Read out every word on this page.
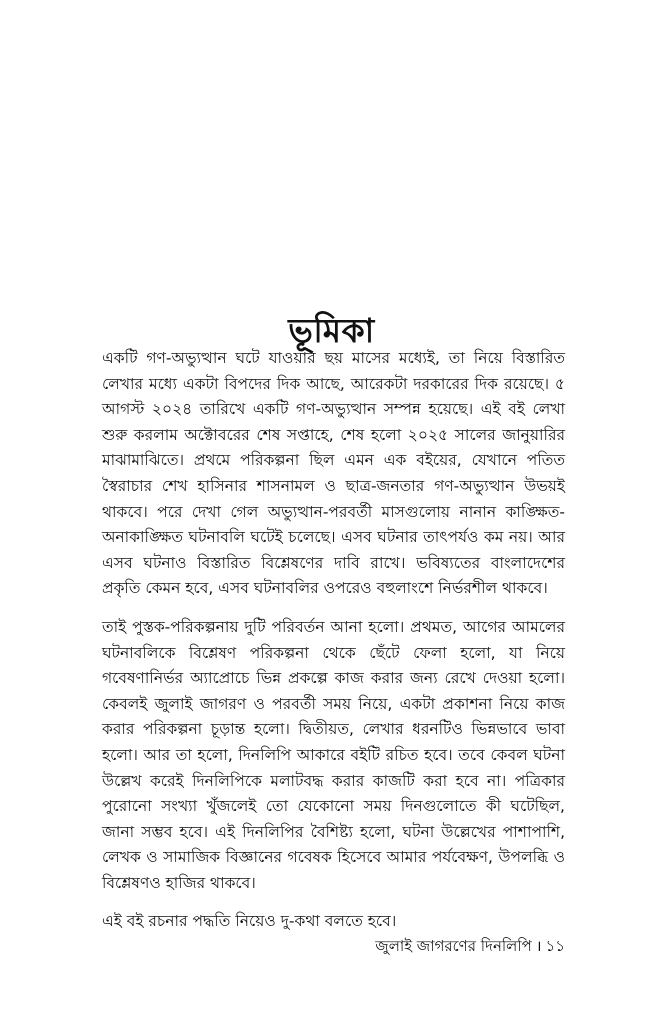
ভূমিকা

একটি গণ-অভ্যুত্থান ঘটে যাওয়ার ছয় মাসের মধ্যেই, তা নিয়ে বিস্তারিত লেখার মধ্যে একটা বিপদের দিক আছে, আরেকটা দরকারের দিক রয়েছে। ৫ আগস্ট ২০২৪ তারিখে একটি গণ-অভ্যুত্থান সম্পন্ন হয়েছে। এই বই লেখা শুরু করলাম অক্টোবরের শেষ সপ্তাহে, শেষ হলো ২০২৫ সালের জানুয়ারির মাঝামাঝিতে। প্রথমে পরিকল্পনা ছিল এমন এক বইয়ের, যেখানে পতিত স্বৈরাচার শেখ হাসিনার শাসনামল ও ছাত্র-জনতার গণ-অভ্যুত্থান উভয়ই থাকবে। পরে দেখা গেল অভ্যুত্থান-পরবর্তী মাসগুলোয় নানান কাঙ্ক্ষিত-অনাকাঙ্ক্ষিত ঘটনাবলি ঘটেই চলেছে। এসব ঘটনার তাৎপর্যও কম নয়। আর এসব ঘটনাও বিস্তারিত বিশ্লেষণের দাবি রাখে। ভবিষ্যতের বাংলাদেশের প্রকৃতি কেমন হবে, এসব ঘটনাবলির ওপরেও বহুলাংশে নির্ভরশীল থাকবে।

তাই পুস্তক-পরিকল্পনায় দুটি পরিবর্তন আনা হলো। প্রথমত, আগের আমলের ঘটনাবলিকে বিশ্লেষণ পরিকল্পনা থেকে ছেঁটে ফেলা হলো, যা নিয়ে গবেষণানির্ভর অ্যাপ্রোচে ভিন্ন প্রকল্পে কাজ করার জন্য রেখে দেওয়া হলো। কেবলই জুলাই জাগরণ ও পরবর্তী সময় নিয়ে, একটা প্রকাশনা নিয়ে কাজ করার পরিকল্পনা চূড়ান্ত হলো। দ্বিতীয়ত, লেখার ধরনটিও ভিন্নভাবে ভাবা হলো। আর তা হলো, দিনলিপি আকারে বইটি রচিত হবে। তবে কেবল ঘটনা উল্লেখ করেই দিনলিপিকে মলাটবদ্ধ করার কাজটি করা হবে না। পত্রিকার পুরোনো সংখ্যা খুঁজলেই তো যেকোনো সময় দিনগুলোতে কী ঘটেছিল, জানা সম্ভব হবে। এই দিনলিপির বৈশিষ্ট্য হলো, ঘটনা উল্লেখের পাশাপাশি, লেখক ও সামাজিক বিজ্ঞানের গবেষক হিসেবে আমার পর্যবেক্ষণ, উপলব্ধি ও বিশ্লেষণও হাজির থাকবে।

এই বই রচনার পদ্ধতি নিয়েও দু-কথা বলতে হবে।

জুলাই জাগরণের দিনলিপি । ১১
